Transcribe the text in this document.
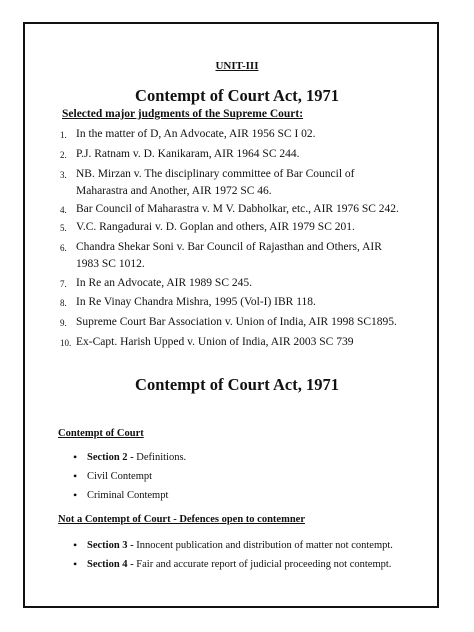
UNIT-III
Contempt of Court Act, 1971
Selected major judgments of the Supreme Court:
1. In the matter of D, An Advocate, AIR 1956 SC I 02.
2. P.J. Ratnam v. D. Kanikaram, AIR 1964 SC 244.
3. NB. Mirzan v. The disciplinary committee of Bar Council of
Maharastra and Another, AIR 1972 SC 46.
4. Bar Council of Maharastra v. M V. Dabholkar, etc., AIR 1976 SC 242.
5. V.C. Rangadurai v. D. Goplan and others, AIR 1979 SC 201.
6. Chandra Shekar Soni v. Bar Council of Rajasthan and Others, AIR
1983 SC 1012.
7. In Re an Advocate, AIR 1989 SC 245.
8. In Re Vinay Chandra Mishra, 1995 (Vol-I) IBR 118.
9. Supreme Court Bar Association v. Union of India, AIR 1998 SC1895.
10. Ex-Capt. Harish Upped v. Union of India, AIR 2003 SC 739
Contempt of Court Act, 1971
Contempt of Court
• Section 2 - Definitions.
• Civil Contempt
• Criminal Contempt
Not a Contempt of Court - Defences open to contemner
• Section 3 - Innocent publication and distribution of matter not contempt.
• Section 4 - Fair and accurate report of judicial proceeding not contempt.
